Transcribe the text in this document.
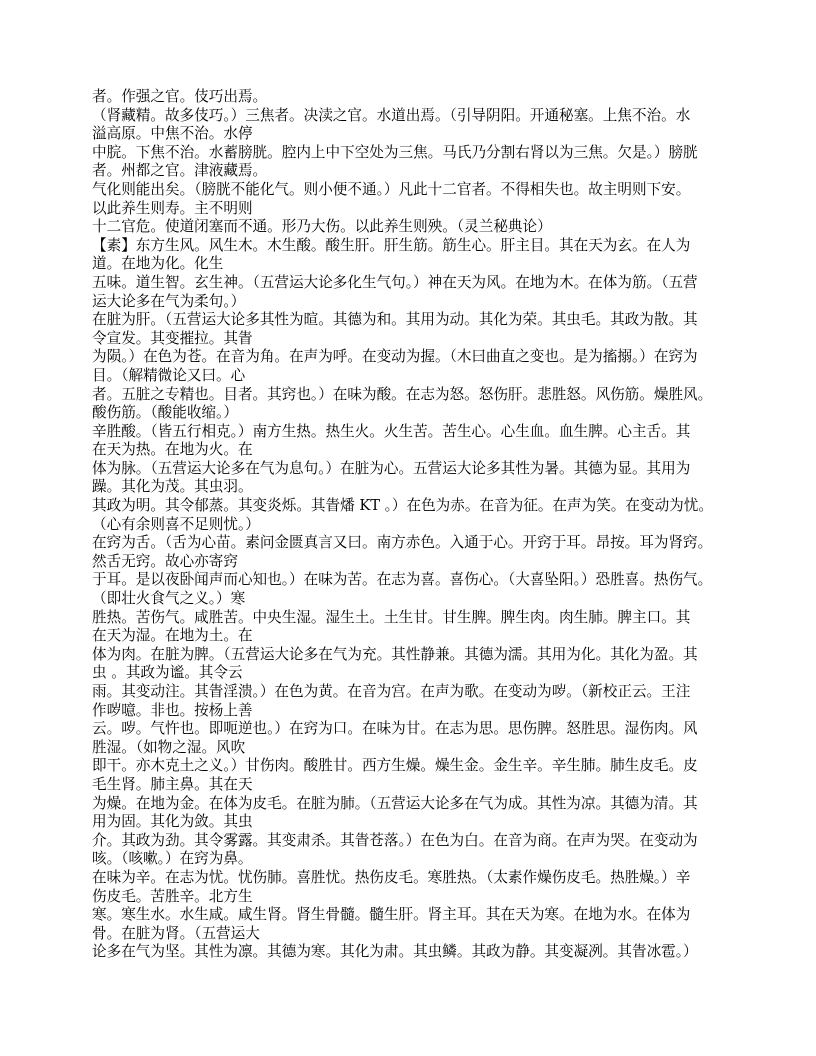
者。作强之官。伎巧出焉。
（肾藏精。故多伎巧。）三焦者。决渎之官。水道出焉。（引导阴阳。开通秘塞。上焦不治。水
溢高原。中焦不治。水停
中脘。下焦不治。水蓄膀胱。腔内上中下空处为三焦。马氏乃分割右肾以为三焦。欠是。）膀胱
者。州都之官。津液藏焉。
气化则能出矣。（膀胱不能化气。则小便不通。）凡此十二官者。不得相失也。故主明则下安。
以此养生则寿。主不明则
十二官危。使道闭塞而不通。形乃大伤。以此养生则殃。（灵兰秘典论）
【素】东方生风。风生木。木生酸。酸生肝。肝生筋。筋生心。肝主目。其在天为玄。在人为
道。在地为化。化生
五味。道生智。玄生神。（五营运大论多化生气句。）神在天为风。在地为木。在体为筋。（五营
运大论多在气为柔句。）
在脏为肝。（五营运大论多其性为暄。其德为和。其用为动。其化为荣。其虫毛。其政为散。其
令宣发。其变摧拉。其眚
为陨。）在色为苍。在音为角。在声为呼。在变动为握。（木曰曲直之变也。是为搐搦。）在窍为
目。（解精微论又曰。心
者。五脏之专精也。目者。其窍也。）在味为酸。在志为怒。怒伤肝。悲胜怒。风伤筋。燥胜风。
酸伤筋。（酸能收缩。）
辛胜酸。（皆五行相克。）南方生热。热生火。火生苦。苦生心。心生血。血生脾。心主舌。其
在天为热。在地为火。在
体为脉。（五营运大论多在气为息句。）在脏为心。五营运大论多其性为暑。其德为显。其用为
躁。其化为茂。其虫羽。
其政为明。其令郁蒸。其变炎烁。其眚燔 KT 。）在色为赤。在音为征。在声为笑。在变动为忧。
（心有余则喜不足则忧。）
在窍为舌。（舌为心苗。素问金匮真言又曰。南方赤色。入通于心。开窍于耳。昂按。耳为肾窍。
然舌无窍。故心亦寄窍
于耳。是以夜卧闻声而心知也。）在味为苦。在志为喜。喜伤心。（大喜坠阳。）恐胜喜。热伤气。
（即壮火食气之义。）寒
胜热。苦伤气。咸胜苦。中央生湿。湿生土。土生甘。甘生脾。脾生肉。肉生肺。脾主口。其
在天为湿。在地为土。在
体为肉。在脏为脾。（五营运大论多在气为充。其性静兼。其德为濡。其用为化。其化为盈。其
虫 。其政为谧。其令云
雨。其变动注。其眚淫溃。）在色为黄。在音为宫。在声为歌。在变动为哕。（新校正云。王注
作哕噫。非也。按杨上善
云。哕。气忤也。即呃逆也。）在窍为口。在味为甘。在志为思。思伤脾。怒胜思。湿伤肉。风
胜湿。（如物之湿。风吹
即干。亦木克土之义。）甘伤肉。酸胜甘。西方生燥。燥生金。金生辛。辛生肺。肺生皮毛。皮
毛生肾。肺主鼻。其在天
为燥。在地为金。在体为皮毛。在脏为肺。（五营运大论多在气为成。其性为凉。其德为清。其
用为固。其化为敛。其虫
介。其政为劲。其令雾露。其变肃杀。其眚苍落。）在色为白。在音为商。在声为哭。在变动为
咳。（咳嗽。）在窍为鼻。
在味为辛。在志为忧。忧伤肺。喜胜忧。热伤皮毛。寒胜热。（太素作燥伤皮毛。热胜燥。）辛
伤皮毛。苦胜辛。北方生
寒。寒生水。水生咸。咸生肾。肾生骨髓。髓生肝。肾主耳。其在天为寒。在地为水。在体为
骨。在脏为肾。（五营运大
论多在气为坚。其性为凛。其德为寒。其化为肃。其虫鳞。其政为静。其变凝冽。其眚冰雹。）
